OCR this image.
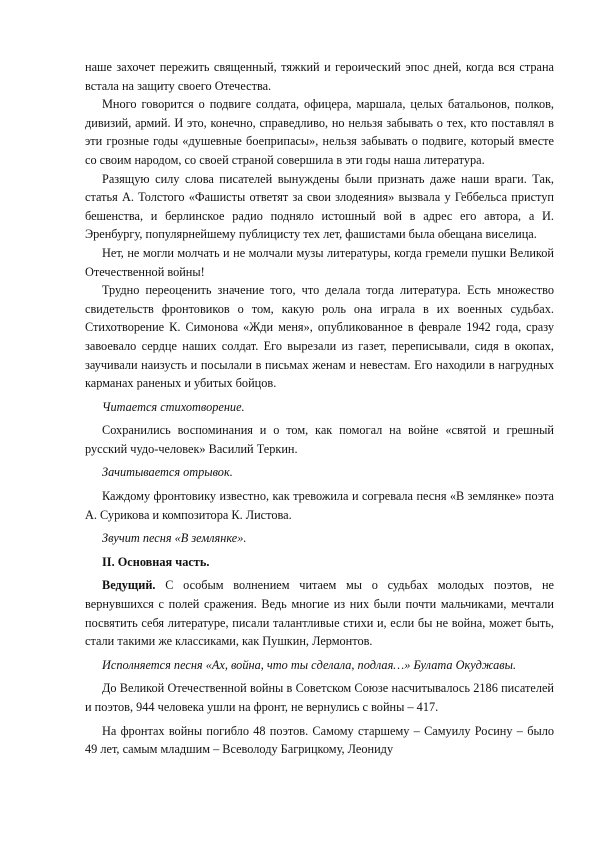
наше захочет пережить священный, тяжкий и героический эпос дней, когда вся страна встала на защиту своего Отечества.

Много говорится о подвиге солдата, офицера, маршала, целых батальонов, полков, дивизий, армий. И это, конечно, справедливо, но нельзя забывать о тех, кто поставлял в эти грозные годы «душевные боеприпасы», нельзя забывать о подвиге, который вместе со своим народом, со своей страной совершила в эти годы наша литература.

Разящую силу слова писателей вынуждены были признать даже наши враги. Так, статья А. Толстого «Фашисты ответят за свои злодеяния» вызвала у Геббельса приступ бешенства, и берлинское радио подняло истошный вой в адрес его автора, а И. Эренбургу, популярнейшему публицисту тех лет, фашистами была обещана виселица.

Нет, не могли молчать и не молчали музы литературы, когда гремели пушки Великой Отечественной войны!

Трудно переоценить значение того, что делала тогда литература. Есть множество свидетельств фронтовиков о том, какую роль она играла в их военных судьбах. Стихотворение К. Симонова «Жди меня», опубликованное в феврале 1942 года, сразу завоевало сердце наших солдат. Его вырезали из газет, переписывали, сидя в окопах, заучивали наизусть и посылали в письмах женам и невестам. Его находили в нагрудных карманах раненых и убитых бойцов.

Читается стихотворение.

Сохранились воспоминания и о том, как помогал на войне «святой и грешный русский чудо-человек» Василий Теркин.

Зачитывается отрывок.

Каждому фронтовику известно, как тревожила и согревала песня «В землянке» поэта А. Сурикова и композитора К. Листова.

Звучит песня «В землянке».

II. Основная часть.

Ведущий. С особым волнением читаем мы о судьбах молодых поэтов, не вернувшихся с полей сражения. Ведь многие из них были почти мальчиками, мечтали посвятить себя литературе, писали талантливые стихи и, если бы не война, может быть, стали такими же классиками, как Пушкин, Лермонтов.

Исполняется песня «Ах, война, что ты сделала, подлая…» Булата Окуджавы.

До Великой Отечественной войны в Советском Союзе насчитывалось 2186 писателей и поэтов, 944 человека ушли на фронт, не вернулись с войны – 417.

На фронтах войны погибло 48 поэтов. Самому старшему – Самуилу Росину – было 49 лет, самым младшим – Всеволоду Багрицкому, Леониду
